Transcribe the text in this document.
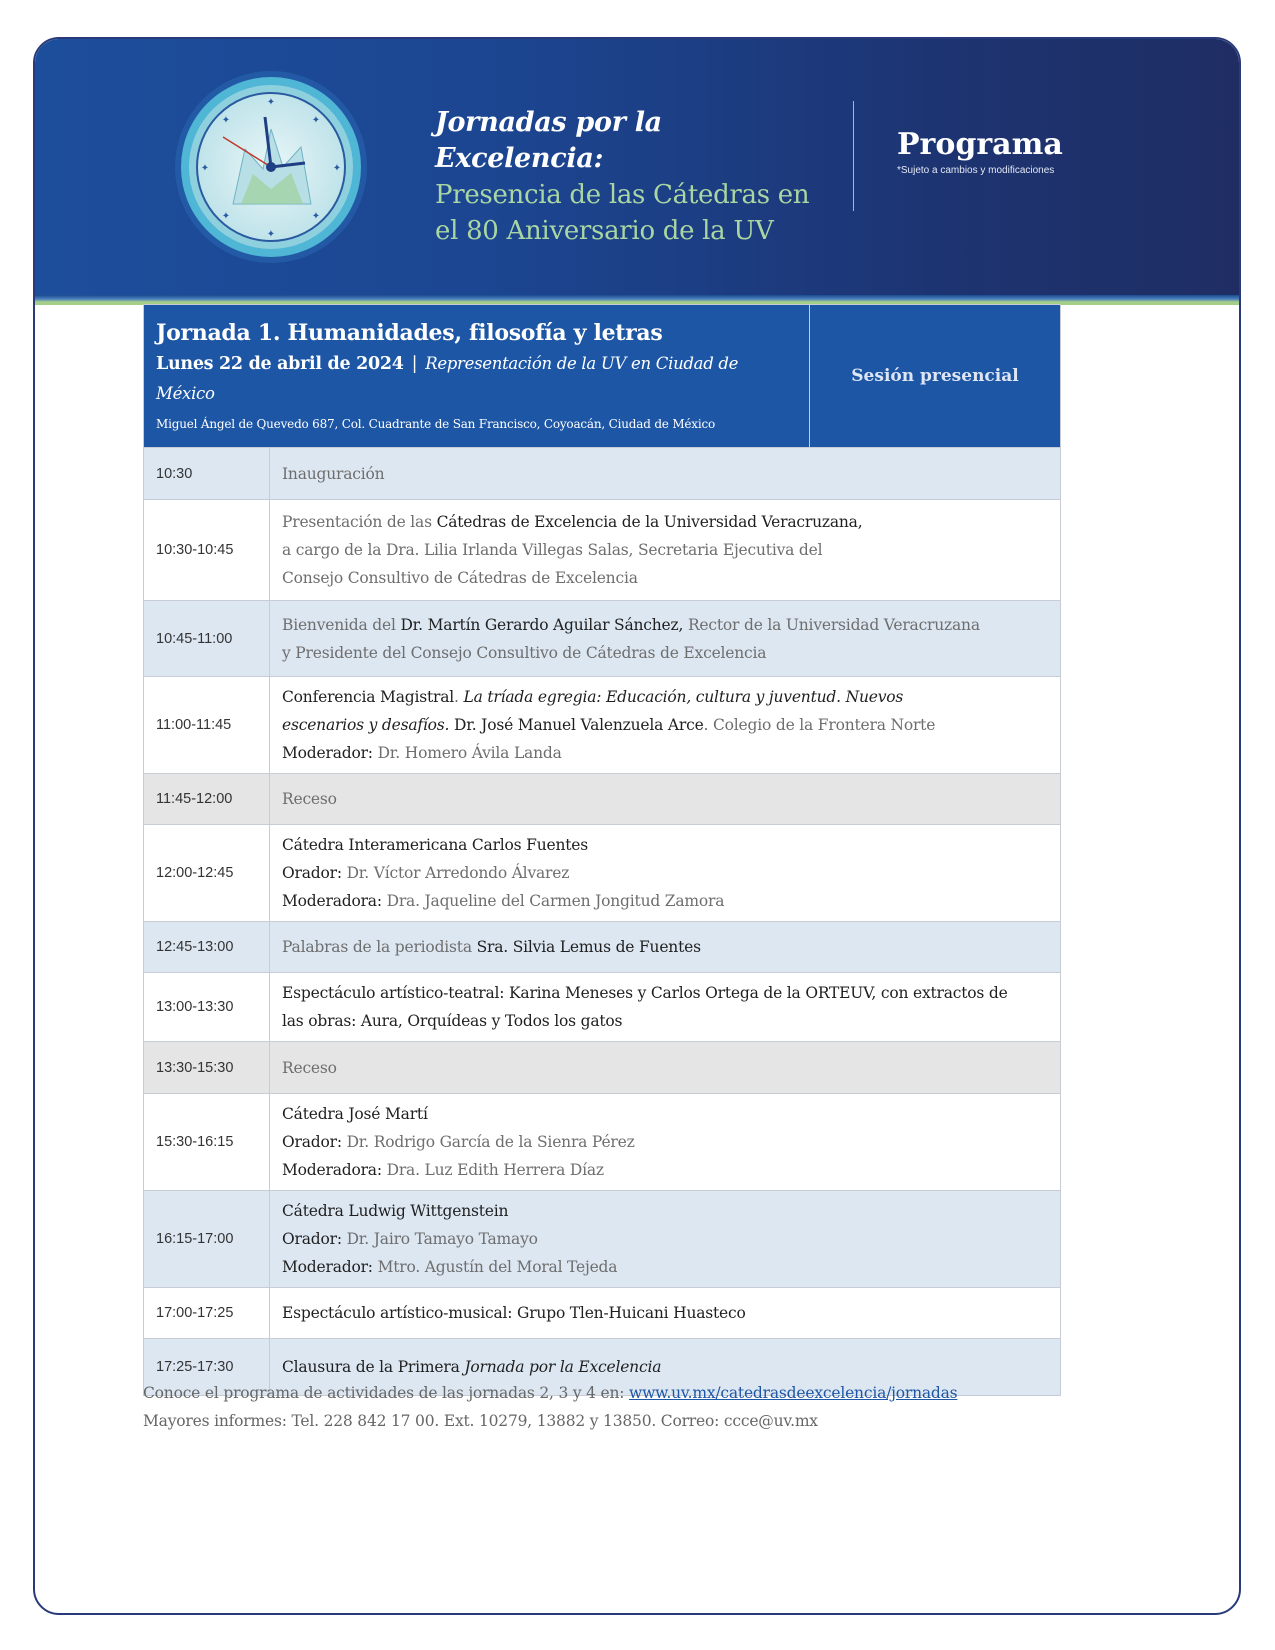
✦
✦
✦	✦
✦	✦
✦	✦
Jornadas por la Excelencia:
Presencia de las Cátedras en
el 80 Aniversario de la UV
Programa
*Sujeto a cambios y modificaciones
Jornada 1. Humanidades, filosofía y letras
Lunes 22 de abril de 2024 | Representación de la UV en Ciudad de México
Miguel Ángel de Quevedo 687, Col. Cuadrante de San Francisco, Coyoacán, Ciudad de México		Sesión presencial
10:30	Inauguración	
10:30-10:45	Presentación de las Cátedras de Excelencia de la Universidad Veracruzana,
a cargo de la Dra. Lilia Irlanda Villegas Salas, Secretaria Ejecutiva del
Consejo Consultivo de Cátedras de Excelencia	

10:45-11:00	Bienvenida del Dr. Martín Gerardo Aguilar Sánchez, Rector de la Universidad Veracruzana
y Presidente del Consejo Consultivo de Cátedras de Excelencia	

11:00-11:45	Conferencia Magistral. La tríada egregia: Educación, cultura y juventud. Nuevos
escenarios y desafíos. Dr. José Manuel Valenzuela Arce. Colegio de la Frontera Norte
Moderador: Dr. Homero Ávila Landa	

11:45-12:00	Receso	
12:00-12:45	Cátedra Interamericana Carlos Fuentes
Orador: Dr. Víctor Arredondo Álvarez
Moderadora: Dra. Jaqueline del Carmen Jongitud Zamora	

12:45-13:00	Palabras de la periodista Sra. Silvia Lemus de Fuentes	
13:00-13:30	Espectáculo artístico-teatral: Karina Meneses y Carlos Ortega de la ORTEUV, con extractos de
las obras: Aura, Orquídeas y Todos los gatos	

13:30-15:30	Receso	
15:30-16:15	Cátedra José Martí
Orador: Dr. Rodrigo García de la Sienra Pérez
Moderadora: Dra. Luz Edith Herrera Díaz	

16:15-17:00	Cátedra Ludwig Wittgenstein
Orador: Dr. Jairo Tamayo Tamayo
Moderador: Mtro. Agustín del Moral Tejeda	

17:00-17:25	Espectáculo artístico-musical: Grupo Tlen-Huicani Huasteco	
17:25-17:30	Clausura de la Primera Jornada por la Excelencia	
Conoce el programa de actividades de las jornadas 2, 3 y 4 en: www.uv.mx/catedrasdeexcelencia/jornadas
Mayores informes: Tel. 228 842 17 00. Ext. 10279, 13882 y 13850. Correo: ccce@uv.mx
